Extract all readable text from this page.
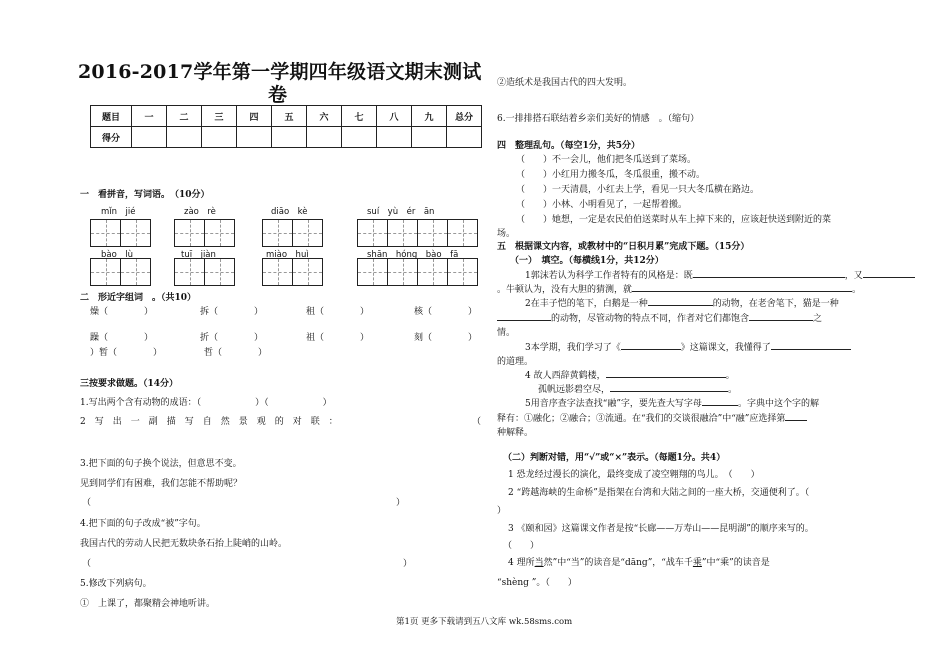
2016-2017学年第一学期四年级语文期末测试
卷
题目	一	二	三	四	五	六	七	八	九	总分
得分										
一　看拼音，写词语。　（10分）
mǐn　jié	zào　rè	diāo　kè	suí　yù　ér　ān
bào　lù	tuī　jiàn	miào　huì	shān　hóng　bào　fā
二　形近字组词　。（共10）
燥（　　　　）	拆（　　　　）	租（　　　　）	核（　　　　）
躁（　　　　）	折（　　　　）	祖（　　　　）	刻（　　　　）
）暂（　　　　）	哲（　　　　）
三按要求做题。（14分）
1.写出两个含有动物的成语：（　　　　　　）（　　　　　　）
2　写　出　一　副　描　写　自　然　景　观　的　对　联　：	（
3.把下面的句子换个说法，但意思不变。
见到同学们有困难，我们怎能不帮助呢？
（	）
4.把下面的句子改成“被”字句。
我国古代的劳动人民把无数块条石抬上陡峭的山岭。
（	）
5.修改下列病句。
①　上课了，都聚精会神地听讲。
②造纸术是我国古代的四大发明。
6.一排排搭石联结着乡亲们美好的情感　。（缩句）
四　整理乱句。（每空1分，共5分）
（　　）不一会儿，他们把冬瓜送到了菜场。
（　　）小红用力搬冬瓜，冬瓜很重，搬不动。
（　　）一天清晨，小红去上学，看见一只大冬瓜横在路边。
（　　）小林、小明看见了，一起帮着搬。
（　　）她想，一定是农民伯伯送菜时从车上掉下来的，应该赶快送到附近的菜
场。
五　根据课文内容，或教材中的“日积月累”完成下题。（15分）
（一）　填空。（每横线1分，共12分）
1郭沫若认为科学工作者特有的风格是：既	，又
。牛顿认为，没有大胆的猜测，就	。
2在丰子恺的笔下，白鹅是一种	的动物，在老舍笔下，猫是一种
的动物，尽管动物的特点不同，作者对它们都饱含	之
情。
3本学期，我们学习了《	》这篇课文，我懂得了
的道理。
4 故人西辞黄鹤楼，	。
孤帆远影碧空尽，	。
5用音序查字法查找“融”字，要先查大写字母	。字典中这个字的解
释有：①融化；②融合；③流通。在“我们的交谈很融洽”中“融”应选择第
种解释。
（二）判断对错，用“√”或“×”表示。（每题1分。共4）
1 恐龙经过漫长的演化，最终变成了凌空翱翔的鸟儿。　（　　）
2 “跨越海峡的生命桥”是指架在台湾和大陆之间的一座大桥，交通便利了。（
）
3 《颐和园》这篇课文作者是按“长廊——万寿山——昆明湖”的顺序来写的。
（　　）
4 理所当然”中“当”的读音是“dāng”，“战车千乘”中“乘”的读音是
“shèng ”。（　　）
第1页 更多下载请到五八文库 wk.58sms.com
